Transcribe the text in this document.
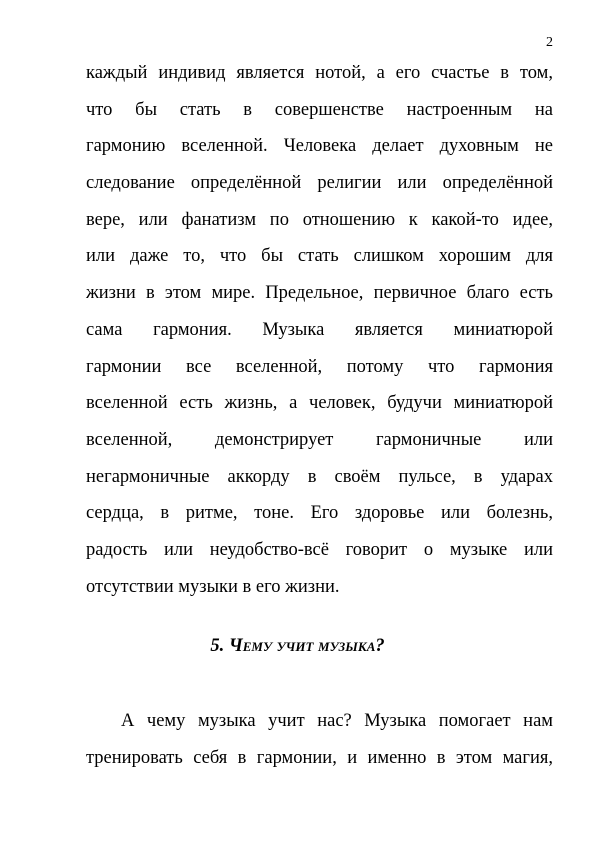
2
каждый индивид является нотой, а его счастье в том,
что бы стать в совершенстве настроенным на
гармонию вселенной. Человека делает духовным не
следование определённой религии или определённой
вере, или фанатизм по отношению к какой-то идее,
или даже то, что бы стать слишком хорошим для
жизни в этом мире. Предельное, первичное благо есть
сама гармония. Музыка является миниатюрой
гармонии все вселенной, потому что гармония
вселенной есть жизнь, а человек, будучи миниатюрой
вселенной, демонстрирует гармоничные или
негармоничные аккорду в своём пульсе, в ударах
сердца, в ритме, тоне. Его здоровье или болезнь,
радость или неудобство-всё говорит о музыке или
отсутствии музыки в его жизни.
5. Чему учит музыка?
А чему музыка учит нас? Музыка помогает нам
тренировать себя в гармонии, и именно в этом магия,
